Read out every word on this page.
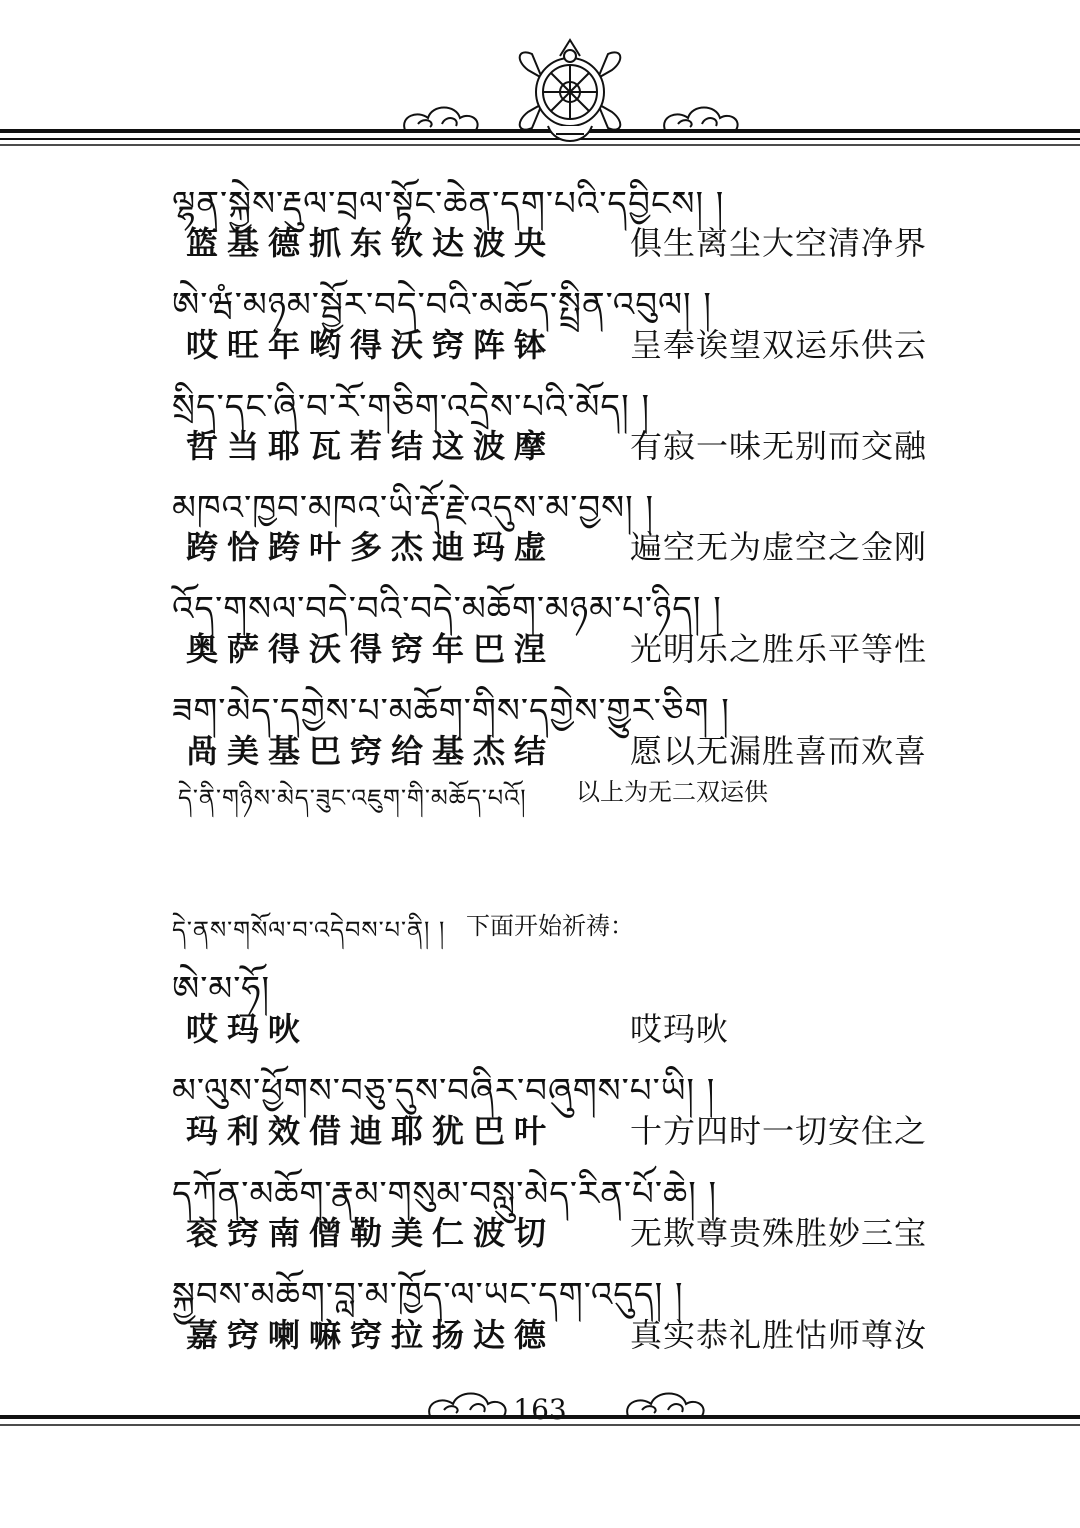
ལྷན་སྐྱེས་རྡུལ་བྲལ་སྟོང་ཆེན་དག་པའི་དབྱིངས། །
篮基德抓东钦达波央 俱生离尘大空清净界
ཨེ་ཝཾ་མཉམ་སྦྱོར་བདེ་བའི་མཆོད་སྤྲིན་འབུལ། །
哎旺年哟得沃窍阵钵 呈奉诶望双运乐供云
སྲིད་དང་ཞི་བ་རོ་གཅིག་འདྲེས་པའི་མོད། །
哲当耶瓦若结这波摩 有寂一味无别而交融
མཁའ་ཁྱབ་མཁའ་ཡི་རྡོ་རྗེ་འདུས་མ་བྱས། །
跨恰跨叶多杰迪玛虚 遍空无为虚空之金刚
འོད་གསལ་བདེ་བའི་བདེ་མཆོག་མཉམ་པ་ཉིད། །
奥萨得沃得窍年巴涅 光明乐之胜乐平等性
ཟག་མེད་དགྱེས་པ་མཆོག་གིས་དགྱེས་གྱུར་ཅིག །
咼美基巴窍给基杰结 愿以无漏胜喜而欢喜
དེ་ནི་གཉིས་མེད་ཟུང་འཇུག་གི་མཆོད་པའོ། 以上为无二双运供
དེ་ནས་གསོལ་བ་འདེབས་པ་ནི། ། 下面开始祈祷：
ཨེ་མ་ཧོ།
哎玛吙	哎玛吙
མ་ལུས་ཕྱོགས་བཅུ་དུས་བཞིར་བཞུགས་པ་ཡི། །
玛利效借迪耶犹巴叶 十方四时一切安住之
དཀོན་མཆོག་རྣམ་གསུམ་བསླུ་མེད་རིན་པོ་ཆེ། །
衮窍南僧勒美仁波切 无欺尊贵殊胜妙三宝
སྐྱབས་མཆོག་བླ་མ་ཁྱོད་ལ་ཡང་དག་འདུད། །
嘉窍喇嘛窍拉扬达德 真实恭礼胜怙师尊汝
163
